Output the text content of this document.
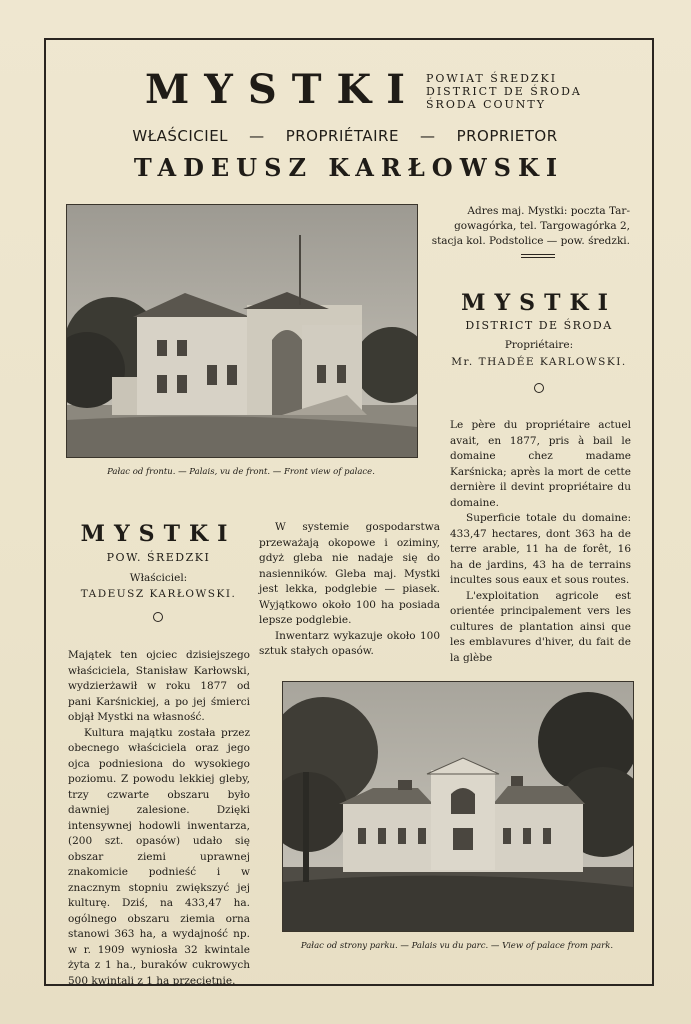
MYSTKI POWIAT ŚREDZKI
DISTRICT DE ŚRODA
ŚRODA COUNTY
WŁAŚCICIEL — PROPRIÉTAIRE — PROPRIETOR
TADEUSZ KARŁOWSKI
Pałac od frontu. — Palais, vu de front. — Front view of palace.
Adres maj. Mystki: poczta Tar-
gowagórka, tel. Targowagórka 2,
stacja kol. Podstolice — pow. średzki.
MYSTKI
DISTRICT DE ŚRODA
Propriétaire:
Mr. THADÉE KARLOWSKI.

Le père du propriétaire actuel avait, en 1877, pris à bail le domaine chez madame Karśnicka; après la mort de cette dernière il devint propriétaire du domaine.

Superficie totale du domaine: 433,47 hectares, dont 363 ha de terre arable, 11 ha de forêt, 16 ha de jardins, 43 ha de terrains incultes sous eaux et sous routes.

L'exploitation agricole est orientée principalement vers les cultures de plantation ainsi que les emblavures d'hiver, du fait de la glèbe

MYSTKI
POW. ŚREDZKI
Właściciel:
TADEUSZ KARŁOWSKI.

W systemie gospodarstwa przeważają okopowe i oziminy, gdyż gleba nie nadaje się do nasienników. Gleba maj. Mystki jest lekka, podglebie — piasek. Wyjątkowo około 100 ha posiada lepsze podglebie.

Inwentarz wykazuje około 100 sztuk stałych opasów.

Majątek ten ojciec dzisiejszego właściciela, Stanisław Karłowski, wydzierżawił w roku 1877 od pani Karśnickiej, a po jej śmierci objął Mystki na własność.

Kultura majątku została przez obecnego właściciela oraz jego ojca podniesiona do wysokiego poziomu. Z powodu lekkiej gleby, trzy czwarte obszaru było dawniej zalesione. Dzięki intensywnej hodowli inwentarza, (200 szt. opasów) udało się obszar ziemi uprawnej znakomicie podnieść i w znacznym stopniu zwiększyć jej kulturę. Dziś, na 433,47 ha. ogólnego obszaru ziemia orna stanowi 363 ha, a wydajność np. w r. 1909 wyniosła 32 kwintale żyta z 1 ha., buraków cukrowych 500 kwintali z 1 ha przeciętnie.

Pałac od strony parku. — Palais vu du parc. — View of palace from park.
